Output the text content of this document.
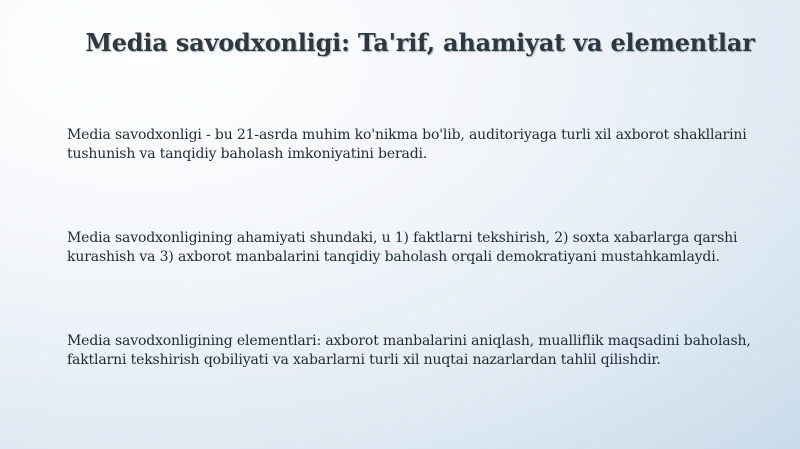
Media savodxonligi: Ta'rif, ahamiyat va elementlar
Media savodxonligi - bu 21-asrda muhim ko'nikma bo'lib, auditoriyaga turli xil axborot shakllarini tushunish va tanqidiy baholash imkoniyatini beradi.
Media savodxonligining ahamiyati shundaki, u 1) faktlarni tekshirish, 2) soxta xabarlarga qarshi kurashish va 3) axborot manbalarini tanqidiy baholash orqali demokratiyani mustahkamlaydi.
Media savodxonligining elementlari: axborot manbalarini aniqlash, mualliflik maqsadini baholash, faktlarni tekshirish qobiliyati va xabarlarni turli xil nuqtai nazarlardan tahlil qilishdir.
